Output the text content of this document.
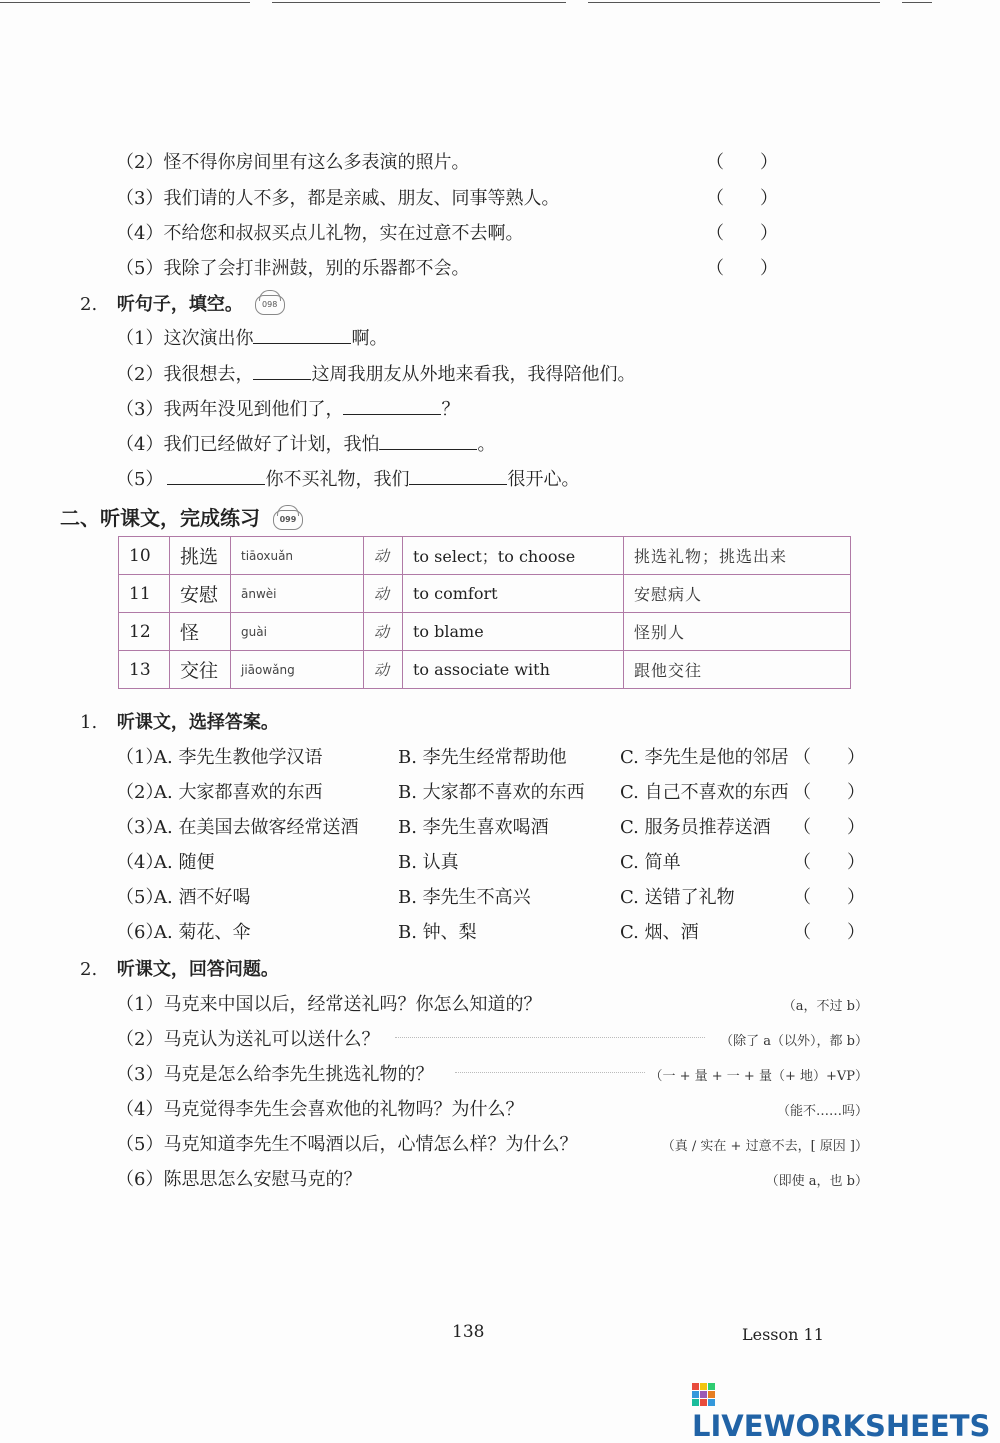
（2）怪不得你房间里有这么多表演的照片。	（　　）
（3）我们请的人不多，都是亲戚、朋友、同事等熟人。	（　　）
（4）不给您和叔叔买点儿礼物，实在过意不去啊。	（　　）
（5）我除了会打非洲鼓，别的乐器都不会。	（　　）
2. 听句子，填空。 098
（1）这次演出你	啊。
（2）我很想去，	这周我朋友从外地来看我，我得陪他们。
（3）我两年没见到他们了，	？
（4）我们已经做好了计划，我怕	。
（5）	你不买礼物，我们	很开心。
二、听课文，完成练习 099
10	挑选	tiāoxuǎn	动	to select；to choose	挑选礼物；挑选出来
11	安慰	ānwèi	动	to comfort	安慰病人
12	怪	guài	动	to blame	怪别人
13	交往	jiāowǎng	动	to associate with	跟他交往
1. 听课文，选择答案。
（1）
A. 李先生教他学汉语	B. 李先生经常帮助他	C. 李先生是他的邻居 （　　）
（2）
A. 大家都喜欢的东西	B. 大家都不喜欢的东西 C. 自己不喜欢的东西 （　　）
（3）
A. 在美国去做客经常送酒 B. 李先生喜欢喝酒	C. 服务员推荐送酒 （　　）
（4）
A. 随便	B. 认真	C. 简单	（　　）
（5）
A. 酒不好喝	B. 李先生不高兴	C. 送错了礼物	（　　）
（6）
A. 菊花、伞	B. 钟、梨	C. 烟、酒	（　　）
2. 听课文，回答问题。
（1）马克来中国以后，经常送礼吗？你怎么知道的？	（a，不过 b）
（2）马克认为送礼可以送什么？	（除了 a（以外），都 b）
（3）马克是怎么给李先生挑选礼物的？	（一 + 量 + 一 + 量（+ 地）+VP）
（4）马克觉得李先生会喜欢他的礼物吗？为什么？	（能不……吗）
（5）马克知道李先生不喝酒以后，心情怎么样？为什么？	（真 / 实在 + 过意不去，[ 原因 ]）
（6）陈思思怎么安慰马克的？	（即使 a，也 b）
138	Lesson 11
LIVEWORKSHEETS
